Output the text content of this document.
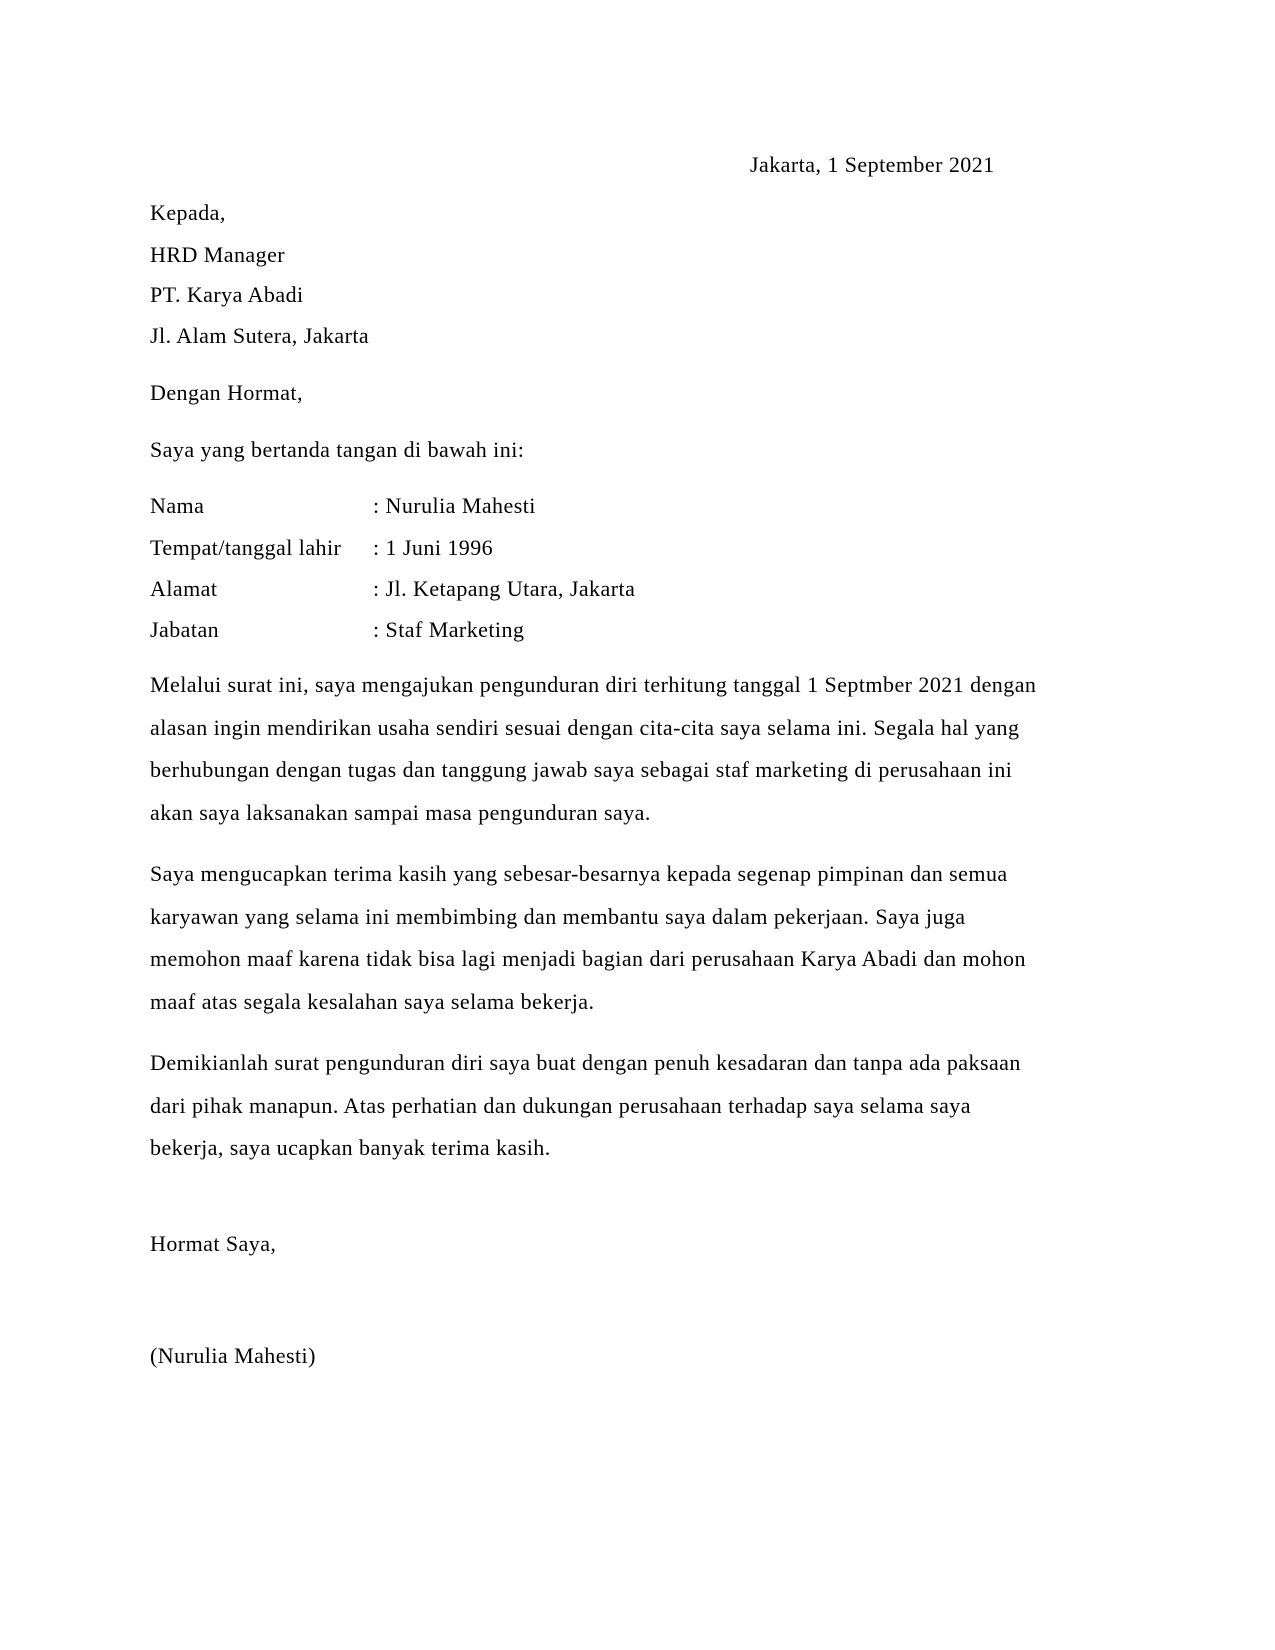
Jakarta, 1 September 2021
Kepada,
HRD Manager
PT. Karya Abadi
Jl. Alam Sutera, Jakarta
Dengan Hormat,
Saya yang bertanda tangan di bawah ini:
Nama	: Nurulia Mahesti
Tempat/tanggal lahir : 1 Juni 1996
Alamat	: Jl. Ketapang Utara, Jakarta
Jabatan	: Staf Marketing
Melalui surat ini, saya mengajukan pengunduran diri terhitung tanggal 1 Septmber 2021 dengan
alasan ingin mendirikan usaha sendiri sesuai dengan cita-cita saya selama ini. Segala hal yang
berhubungan dengan tugas dan tanggung jawab saya sebagai staf marketing di perusahaan ini
akan saya laksanakan sampai masa pengunduran saya.
Saya mengucapkan terima kasih yang sebesar-besarnya kepada segenap pimpinan dan semua
karyawan yang selama ini membimbing dan membantu saya dalam pekerjaan. Saya juga
memohon maaf karena tidak bisa lagi menjadi bagian dari perusahaan Karya Abadi dan mohon
maaf atas segala kesalahan saya selama bekerja.
Demikianlah surat pengunduran diri saya buat dengan penuh kesadaran dan tanpa ada paksaan
dari pihak manapun. Atas perhatian dan dukungan perusahaan terhadap saya selama saya
bekerja, saya ucapkan banyak terima kasih.
Hormat Saya,
(Nurulia Mahesti)
